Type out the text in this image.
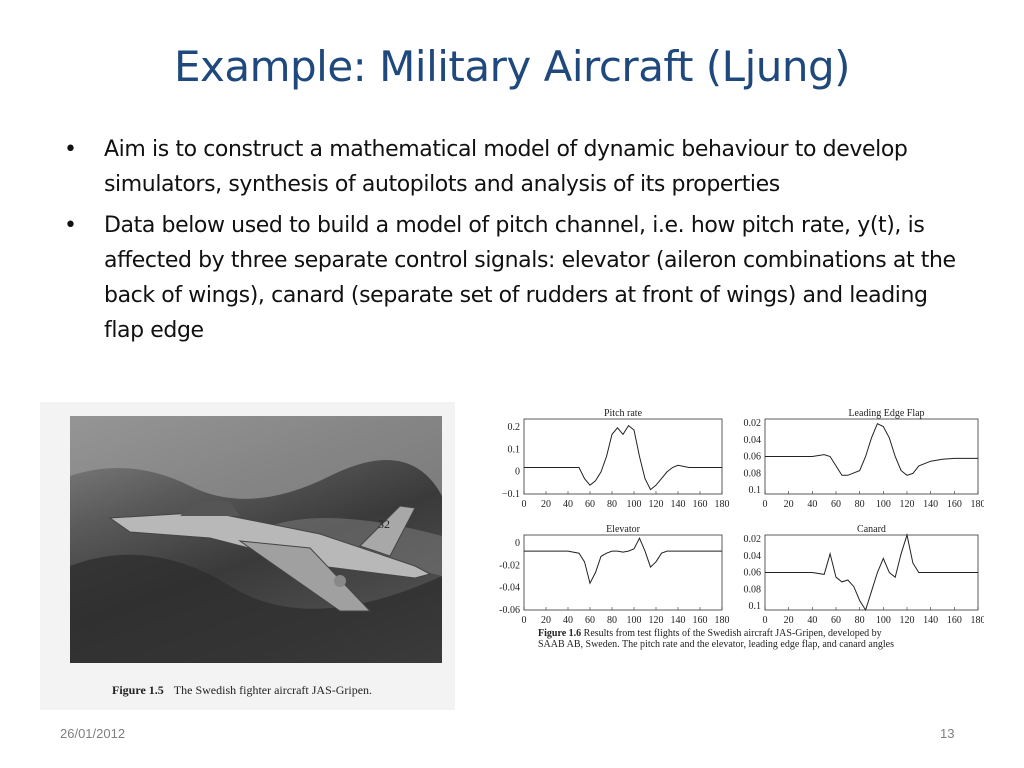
Example: Military Aircraft (Ljung)
• Aim is to construct a mathematical model of dynamic behaviour to develop simulators, synthesis of autopilots and analysis of its properties
• Data below used to build a model of pitch channel, i.e. how pitch rate, y(t), is affected by three separate control signals: elevator (aileron combinations at the back of wings), canard (separate set of rudders at front of wings) and leading flap edge
32
Figure 1.5 The Swedish fighter aircraft JAS-Gripen.
Pitch rate
0 20 40 60 80 100 120 140 160 180
0.2
0.1
0
−0.1
Leading Edge Flap
0 20 40 60 80 100 120 140 160 180
0.02
0.04
0.06
0.08
0.1
Elevator
0 20 40 60 80 100 120 140 160 180
0
-0.02
-0.04
-0.06
Canard
0 20 40 60 80 100 120 140 160 180
0.02
0.04
0.06
0.08
0.1
Figure 1.6 Results from test flights of the Swedish aircraft JAS-Gripen, developed by
SAAB AB, Sweden. The pitch rate and the elevator, leading edge flap, and canard angles
26/01/2012	13
